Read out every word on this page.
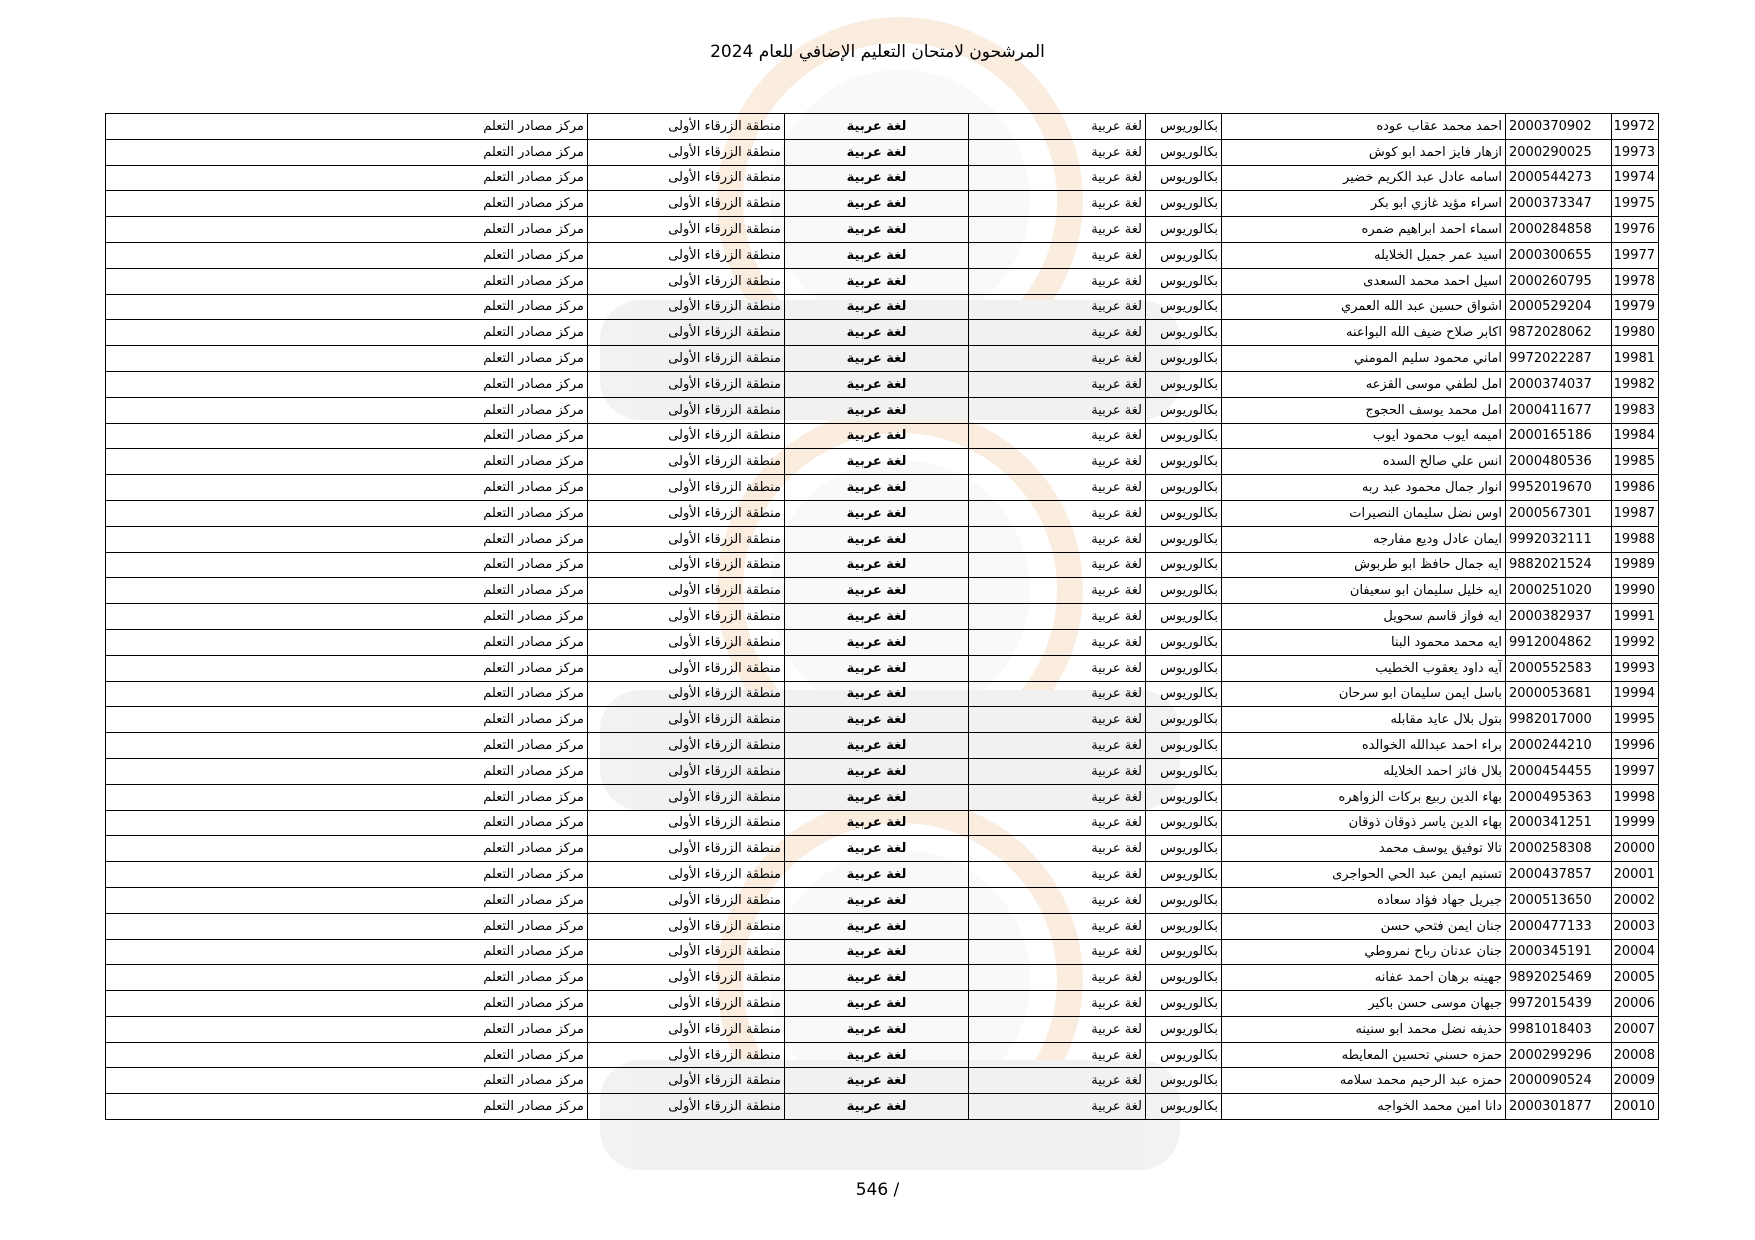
المرشحون لامتحان التعليم الإضافي للعام 2024
19972	2000370902	احمد محمد عقاب عوده	بكالوريوس	لغة عربية	لغة عربية	منطقة الزرقاء الأولى	مركز مصادر التعلم
19973	2000290025	ازهار فايز احمد ابو كوش	بكالوريوس	لغة عربية	لغة عربية	منطقة الزرقاء الأولى	مركز مصادر التعلم
19974	2000544273	اسامه عادل عبد الكريم خضير	بكالوريوس	لغة عربية	لغة عربية	منطقة الزرقاء الأولى	مركز مصادر التعلم
19975	2000373347	اسراء مؤيد غازي ابو بكر	بكالوريوس	لغة عربية	لغة عربية	منطقة الزرقاء الأولى	مركز مصادر التعلم
19976	2000284858	اسماء احمد ابراهيم ضمره	بكالوريوس	لغة عربية	لغة عربية	منطقة الزرقاء الأولى	مركز مصادر التعلم
19977	2000300655	اسيد عمر جميل الخلايله	بكالوريوس	لغة عربية	لغة عربية	منطقة الزرقاء الأولى	مركز مصادر التعلم
19978	2000260795	اسيل احمد محمد السعدى	بكالوريوس	لغة عربية	لغة عربية	منطقة الزرقاء الأولى	مركز مصادر التعلم
19979	2000529204	اشواق حسين عبد الله العمري	بكالوريوس	لغة عربية	لغة عربية	منطقة الزرقاء الأولى	مركز مصادر التعلم
19980	9872028062	اكابر صلاح ضيف الله البواعنه	بكالوريوس	لغة عربية	لغة عربية	منطقة الزرقاء الأولى	مركز مصادر التعلم
19981	9972022287	اماني محمود سليم المومني	بكالوريوس	لغة عربية	لغة عربية	منطقة الزرقاء الأولى	مركز مصادر التعلم
19982	2000374037	امل لطفي موسى القزعه	بكالوريوس	لغة عربية	لغة عربية	منطقة الزرقاء الأولى	مركز مصادر التعلم
19983	2000411677	امل محمد يوسف الحجوج	بكالوريوس	لغة عربية	لغة عربية	منطقة الزرقاء الأولى	مركز مصادر التعلم
19984	2000165186	اميمه ايوب محمود ايوب	بكالوريوس	لغة عربية	لغة عربية	منطقة الزرقاء الأولى	مركز مصادر التعلم
19985	2000480536	انس علي صالح السده	بكالوريوس	لغة عربية	لغة عربية	منطقة الزرقاء الأولى	مركز مصادر التعلم
19986	9952019670	انوار جمال محمود عبد ربه	بكالوريوس	لغة عربية	لغة عربية	منطقة الزرقاء الأولى	مركز مصادر التعلم
19987	2000567301	اوس نضل سليمان النصيرات	بكالوريوس	لغة عربية	لغة عربية	منطقة الزرقاء الأولى	مركز مصادر التعلم
19988	9992032111	ايمان عادل وديع مفارجه	بكالوريوس	لغة عربية	لغة عربية	منطقة الزرقاء الأولى	مركز مصادر التعلم
19989	9882021524	ايه جمال حافظ ابو طربوش	بكالوريوس	لغة عربية	لغة عربية	منطقة الزرقاء الأولى	مركز مصادر التعلم
19990	2000251020	ايه خليل سليمان ابو سعيفان	بكالوريوس	لغة عربية	لغة عربية	منطقة الزرقاء الأولى	مركز مصادر التعلم
19991	2000382937	ايه فواز قاسم سحويل	بكالوريوس	لغة عربية	لغة عربية	منطقة الزرقاء الأولى	مركز مصادر التعلم
19992	9912004862	ايه محمد محمود البنا	بكالوريوس	لغة عربية	لغة عربية	منطقة الزرقاء الأولى	مركز مصادر التعلم
19993	2000552583	آيه داود يعقوب الخطيب	بكالوريوس	لغة عربية	لغة عربية	منطقة الزرقاء الأولى	مركز مصادر التعلم
19994	2000053681	باسل ايمن سليمان ابو سرحان	بكالوريوس	لغة عربية	لغة عربية	منطقة الزرقاء الأولى	مركز مصادر التعلم
19995	9982017000	بتول بلال عايد مقابله	بكالوريوس	لغة عربية	لغة عربية	منطقة الزرقاء الأولى	مركز مصادر التعلم
19996	2000244210	براء احمد عبدالله الخوالده	بكالوريوس	لغة عربية	لغة عربية	منطقة الزرقاء الأولى	مركز مصادر التعلم
19997	2000454455	بلال فائز احمد الخلايله	بكالوريوس	لغة عربية	لغة عربية	منطقة الزرقاء الأولى	مركز مصادر التعلم
19998	2000495363	بهاء الدين ربيع بركات الزواهره	بكالوريوس	لغة عربية	لغة عربية	منطقة الزرقاء الأولى	مركز مصادر التعلم
19999	2000341251	بهاء الدين ياسر ذوقان ذوقان	بكالوريوس	لغة عربية	لغة عربية	منطقة الزرقاء الأولى	مركز مصادر التعلم
20000	2000258308	تالا توفيق يوسف محمد	بكالوريوس	لغة عربية	لغة عربية	منطقة الزرقاء الأولى	مركز مصادر التعلم
20001	2000437857	تسنيم ايمن عبد الحي الحواجرى	بكالوريوس	لغة عربية	لغة عربية	منطقة الزرقاء الأولى	مركز مصادر التعلم
20002	2000513650	جبريل جهاد فؤاد سعاده	بكالوريوس	لغة عربية	لغة عربية	منطقة الزرقاء الأولى	مركز مصادر التعلم
20003	2000477133	جنان ايمن فتحي حسن	بكالوريوس	لغة عربية	لغة عربية	منطقة الزرقاء الأولى	مركز مصادر التعلم
20004	2000345191	جنان عدنان رباح نمروطي	بكالوريوس	لغة عربية	لغة عربية	منطقة الزرقاء الأولى	مركز مصادر التعلم
20005	9892025469	جهينه برهان احمد عفانه	بكالوريوس	لغة عربية	لغة عربية	منطقة الزرقاء الأولى	مركز مصادر التعلم
20006	9972015439	جيهان موسى حسن باكير	بكالوريوس	لغة عربية	لغة عربية	منطقة الزرقاء الأولى	مركز مصادر التعلم
20007	9981018403	حذيفه نضل محمد ابو سنينه	بكالوريوس	لغة عربية	لغة عربية	منطقة الزرقاء الأولى	مركز مصادر التعلم
20008	2000299296	حمزه حسني تحسين المعايطه	بكالوريوس	لغة عربية	لغة عربية	منطقة الزرقاء الأولى	مركز مصادر التعلم
20009	2000090524	حمزه عبد الرحيم محمد سلامه	بكالوريوس	لغة عربية	لغة عربية	منطقة الزرقاء الأولى	مركز مصادر التعلم
20010	2000301877	دانا امين محمد الخواجه	بكالوريوس	لغة عربية	لغة عربية	منطقة الزرقاء الأولى	مركز مصادر التعلم
546 /
